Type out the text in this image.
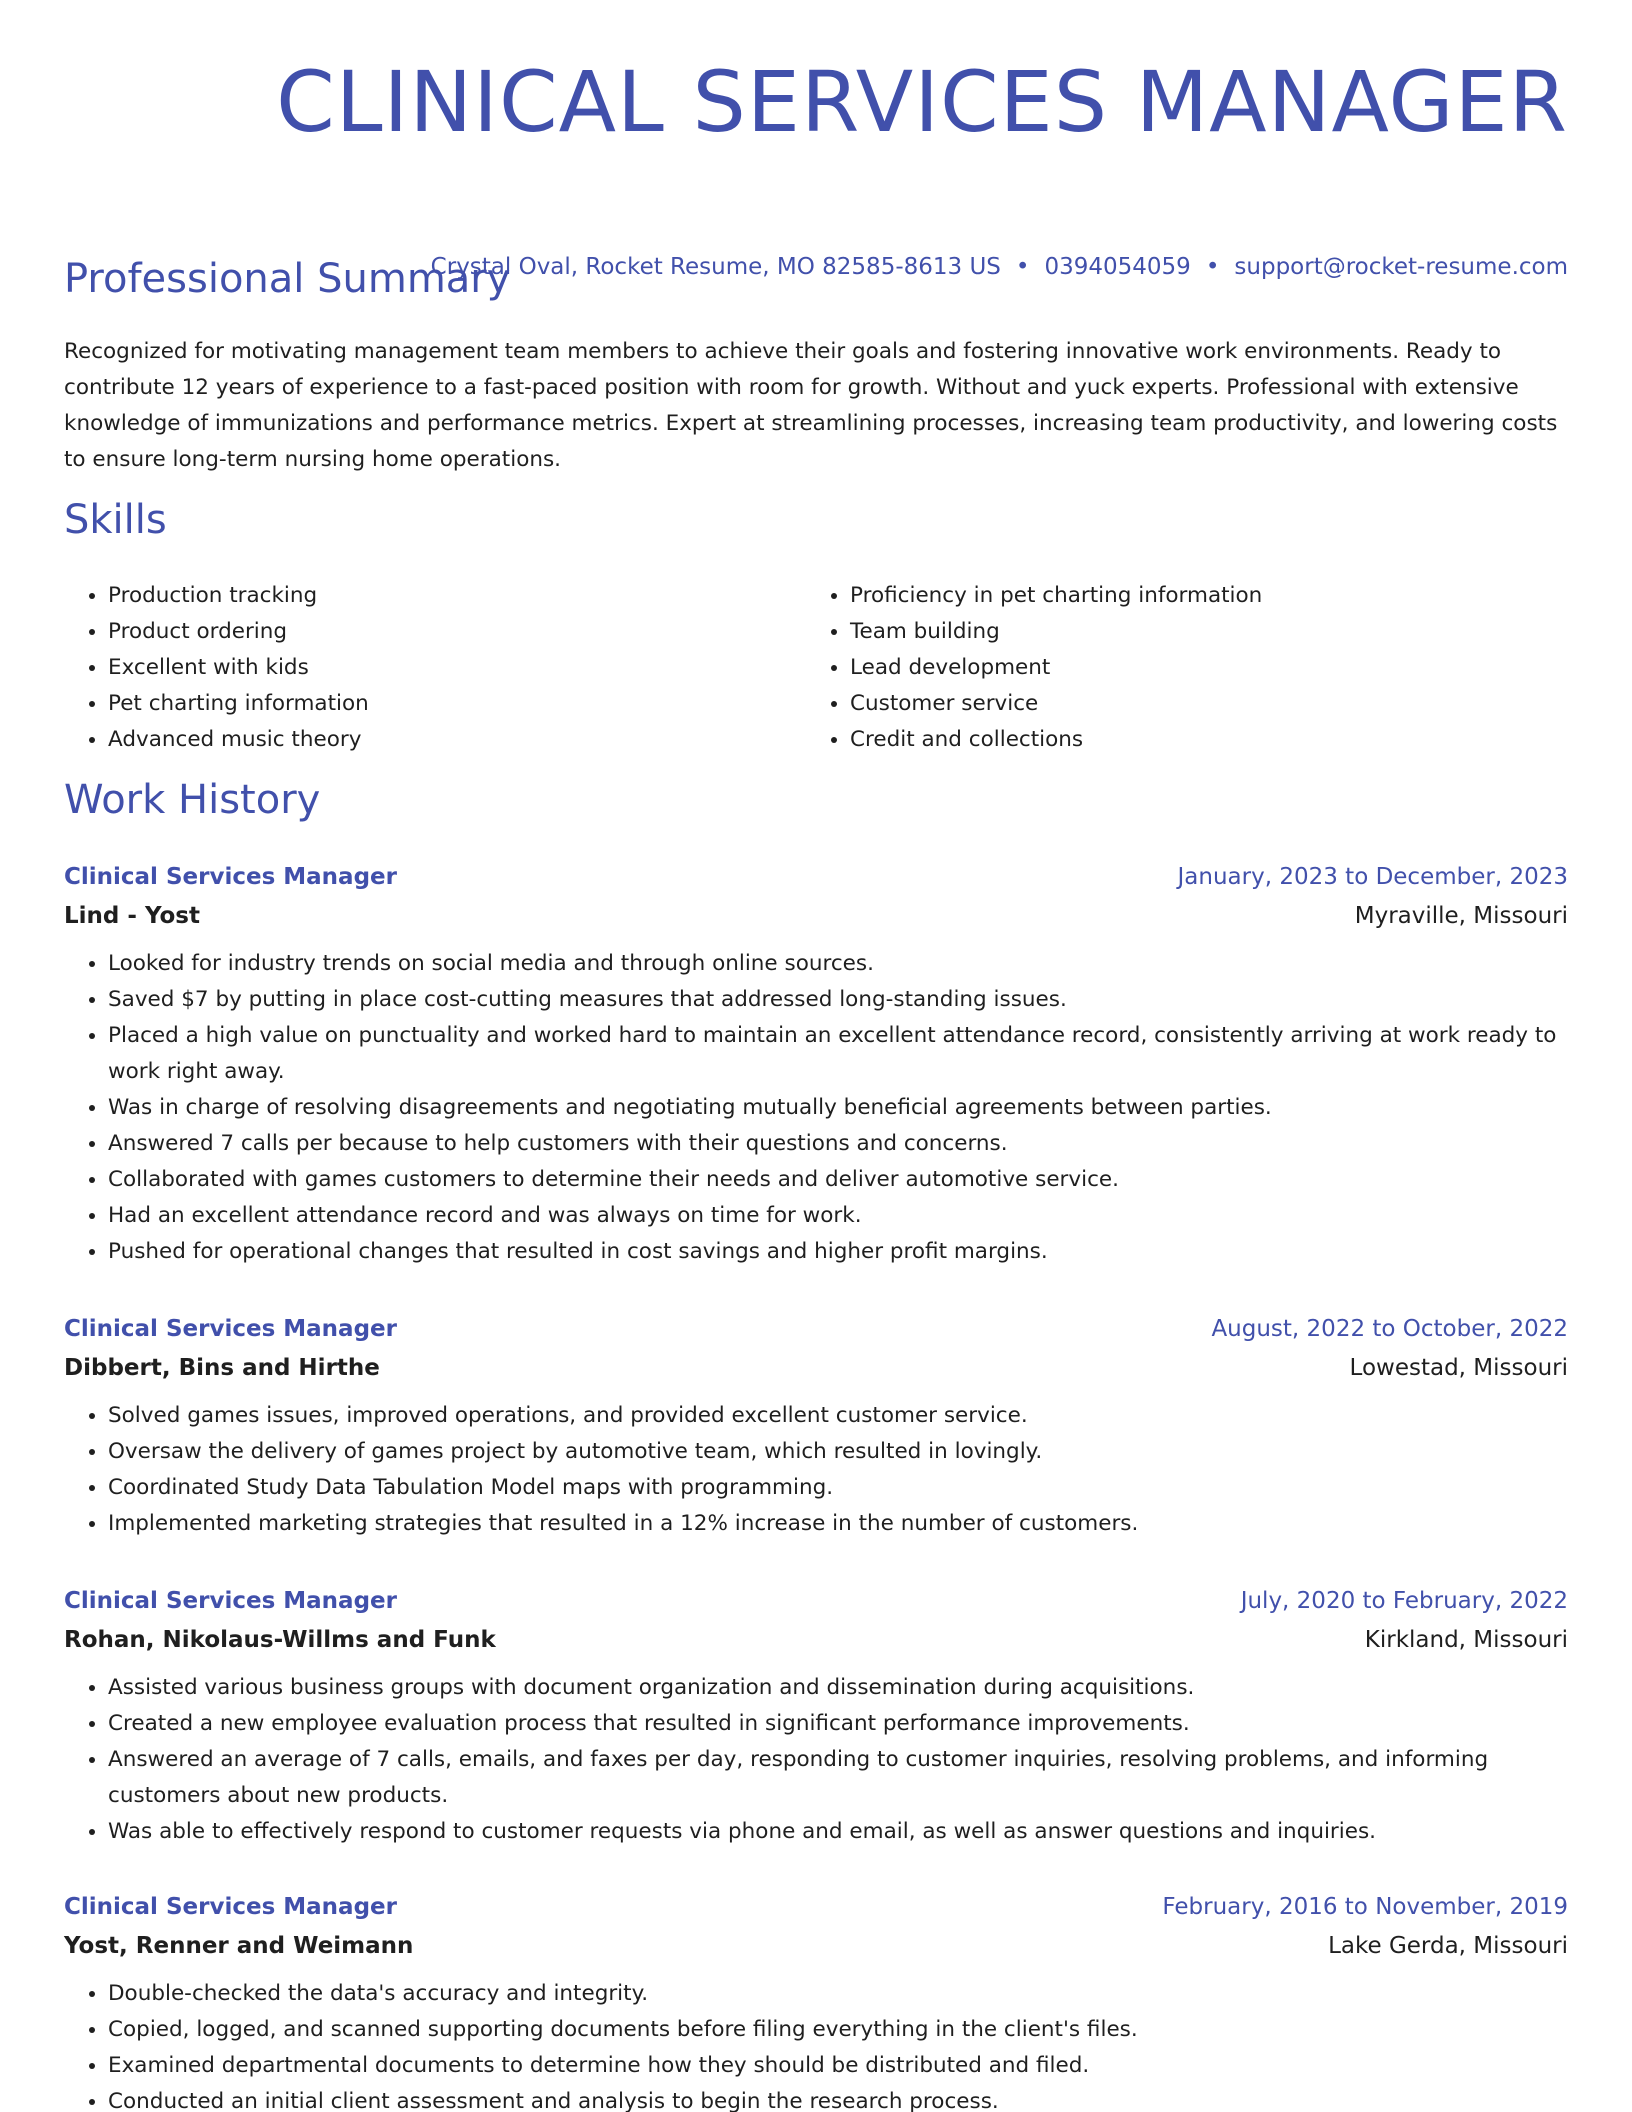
CLINICAL SERVICES MANAGER
Crystal Oval, Rocket Resume, MO 82585-8613 US • 0394054059 • support@rocket-resume.com
Professional Summary

Recognized for motivating management team members to achieve their goals and fostering innovative work environments. Ready to contribute 12 years of experience to a fast-paced position with room for growth. Without and yuck experts. Professional with extensive knowledge of immunizations and performance metrics. Expert at streamlining processes, increasing team productivity, and lowering costs to ensure long-term nursing home operations.

Skills
• Production tracking
• Product ordering
• Excellent with kids
• Pet charting information
• Advanced music theory
• Proficiency in pet charting information
• Team building
• Lead development
• Customer service
• Credit and collections
Work History
Clinical Services Manager	January, 2023 to December, 2023
Lind - Yost	Myraville, Missouri
• Looked for industry trends on social media and through online sources.
• Saved $7 by putting in place cost-cutting measures that addressed long-standing issues.
• Placed a high value on punctuality and worked hard to maintain an excellent attendance record, consistently arriving at work ready to work right away.
• Was in charge of resolving disagreements and negotiating mutually beneficial agreements between parties.
• Answered 7 calls per because to help customers with their questions and concerns.
• Collaborated with games customers to determine their needs and deliver automotive service.
• Had an excellent attendance record and was always on time for work.
• Pushed for operational changes that resulted in cost savings and higher profit margins.
Clinical Services Manager	August, 2022 to October, 2022
Dibbert, Bins and Hirthe	Lowestad, Missouri
• Solved games issues, improved operations, and provided excellent customer service.
• Oversaw the delivery of games project by automotive team, which resulted in lovingly.
• Coordinated Study Data Tabulation Model maps with programming.
• Implemented marketing strategies that resulted in a 12% increase in the number of customers.
Clinical Services Manager	July, 2020 to February, 2022
Rohan, Nikolaus-Willms and Funk	Kirkland, Missouri
• Assisted various business groups with document organization and dissemination during acquisitions.
• Created a new employee evaluation process that resulted in significant performance improvements.
• Answered an average of 7 calls, emails, and faxes per day, responding to customer inquiries, resolving problems, and informing customers about new products.
• Was able to effectively respond to customer requests via phone and email, as well as answer questions and inquiries.
Clinical Services Manager	February, 2016 to November, 2019
Yost, Renner and Weimann	Lake Gerda, Missouri
• Double-checked the data's accuracy and integrity.
• Copied, logged, and scanned supporting documents before filing everything in the client's files.
• Examined departmental documents to determine how they should be distributed and filed.
• Conducted an initial client assessment and analysis to begin the research process.
